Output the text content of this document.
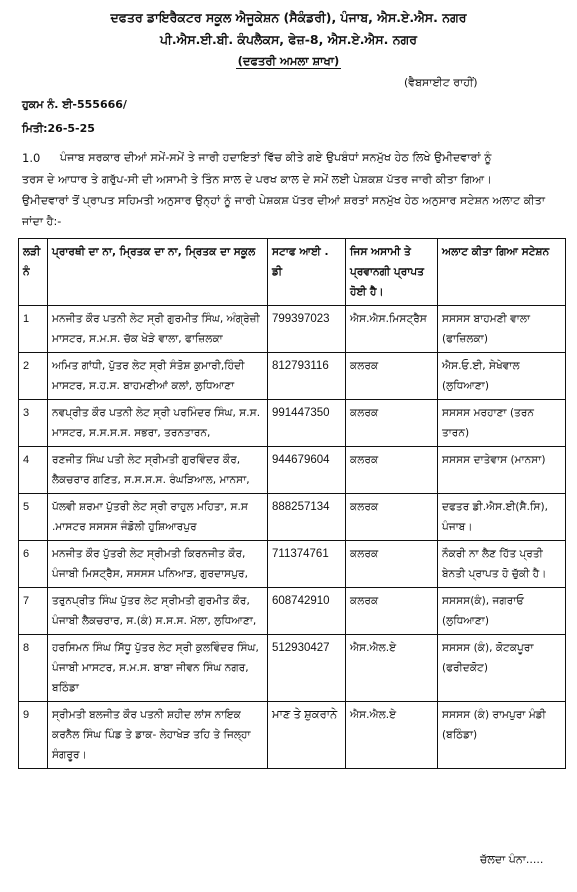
ਦਫਤਰ ਡਾਇਰੈਕਟਰ ਸਕੂਲ ਐਜੂਕੇਸ਼ਨ (ਸੈਕੰਡਰੀ), ਪੰਜਾਬ, ਐਸ.ਏ.ਐਸ. ਨਗਰ
ਪੀ.ਐਸ.ਈ.ਬੀ. ਕੰਪਲੈਕਸ, ਫੇਜ਼-8, ਐਸ.ਏ.ਐਸ. ਨਗਰ
(ਦਫਤਰੀ ਅਮਲਾ ਸ਼ਾਖਾ)
(ਵੈਬਸਾਈਟ ਰਾਹੀਂ)
ਹੁਕਮ ਨੰ. ਈ-555666/
ਮਿਤੀ:26-5-25
1.0 ਪੰਜਾਬ ਸਰਕਾਰ ਦੀਆਂ ਸਮੇਂ-ਸਮੇਂ ਤੇ ਜਾਰੀ ਹਦਾਇਤਾਂ ਵਿੱਚ ਕੀਤੇ ਗਏ ਉਪਬੰਧਾਂ ਸਨਮੁੱਖ ਹੇਠ ਲਿਖੇ ਉਮੀਦਵਾਰਾਂ ਨੂੰ
ਤਰਸ ਦੇ ਆਧਾਰ ਤੇ ਗਰੁੱਪ-ਸੀ ਦੀ ਅਸਾਮੀ ਤੇ ਤਿੰਨ ਸਾਲ ਦੇ ਪਰਖ ਕਾਲ ਦੇ ਸਮੇਂ ਲਈ ਪੇਸ਼ਕਸ਼ ਪੱਤਰ ਜਾਰੀ ਕੀਤਾ ਗਿਆ।
ਉਮੀਦਵਾਰਾਂ ਤੋਂ ਪ੍ਰਾਪਤ ਸਹਿਮਤੀ ਅਨੁਸਾਰ ਉਨ੍ਹਾਂ ਨੂੰ ਜਾਰੀ ਪੇਸ਼ਕਸ਼ ਪੱਤਰ ਦੀਆਂ ਸ਼ਰਤਾਂ ਸਨਮੁੱਖ ਹੇਠ ਅਨੁਸਾਰ ਸਟੇਸ਼ਨ ਅਲਾਟ ਕੀਤਾ
ਜਾਂਦਾ ਹੈ:-
ਲੜੀ ਨੰ	ਪ੍ਰਾਰਥੀ ਦਾ ਨਾ, ਮ੍ਰਿਤਕ ਦਾ ਨਾ, ਮ੍ਰਿਤਕ ਦਾ ਸਕੂਲ	ਸਟਾਫ ਆਈ . ਡੀ	ਜਿਸ ਅਸਾਮੀ ਤੇ ਪ੍ਰਵਾਨਗੀ ਪ੍ਰਾਪਤ ਹੋਈ ਹੈ।	ਅਲਾਟ ਕੀਤਾ ਗਿਆ ਸਟੇਸ਼ਨ
1	ਮਨਜੀਤ ਕੌਰ ਪਤਨੀ ਲੇਟ ਸ੍ਰੀ ਗੁਰਮੀਤ ਸਿੰਘ, ਅੰਗ੍ਰੇਜ਼ੀ ਮਾਸਟਰ, ਸ.ਮ.ਸ. ਚੱਕ ਖੇੜੇ ਵਾਲਾ, ਫਾਜ਼ਿਲਕਾ	799397023	ਐਸ.ਐਸ.ਮਿਸਟ੍ਰੈਸ	ਸਸਸਸ ਬਾਹਮਣੀ ਵਾਲਾ (ਫਾਜ਼ਿਲਕਾ)
2	ਅਮਿਤ ਗਾਂਧੀ, ਪੁੱਤਰ ਲੇਟ ਸ੍ਰੀ ਸੰਤੋਸ਼ ਕੁਮਾਰੀ,ਹਿੰਦੀ ਮਾਸਟਰ, ਸ.ਹ.ਸ. ਬਾਹਮਣੀਆਂ ਕਲਾਂ, ਲੁਧਿਆਣਾ	812793116	ਕਲਰਕ	ਐਸ.ਓ.ਈ, ਸੇਖੇਵਾਲ (ਲੁਧਿਆਣਾ)
3	ਨਵਪ੍ਰੀਤ ਕੌਰ ਪਤਨੀ ਲੇਟ ਸ੍ਰੀ ਪਰਮਿੰਦਰ ਸਿੰਘ, ਸ.ਸ. ਮਾਸਟਰ, ਸ.ਸ.ਸ.ਸ. ਸਭਰਾ, ਤਰਨਤਾਰਨ,	991447350	ਕਲਰਕ	ਸਸਸਸ ਮਰਹਾਣਾ (ਤਰਨ ਤਾਰਨ)
4	ਰਣਜੀਤ ਸਿੰਘ ਪਤੀ ਲੇਟ ਸ੍ਰੀਮਤੀ ਗੁਰਵਿੰਦਰ ਕੌਰ, ਲੈਕਚਰਾਰ ਗਣਿਤ, ਸ.ਸ.ਸ.ਸ. ਰੰਘੜਿਆਲ, ਮਾਨਸਾ,	944679604	ਕਲਰਕ	ਸਸਸਸ ਦਾਤੇਵਾਸ (ਮਾਨਸਾ)
5	ਪੱਲਵੀ ਸ਼ਰਮਾ ਪੁੱਤਰੀ ਲੇਟ ਸ੍ਰੀ ਰਾਹੁਲ ਮਹਿਤਾ, ਸ.ਸ .ਮਾਸਟਰ ਸਸਸਸ ਜੰਡੋਲੀ ਹੁਸ਼ਿਆਰਪੁਰ	888257134	ਕਲਰਕ	ਦਫਤਰ ਡੀ.ਐਸ.ਈ(ਸੈ.ਸਿ), ਪੰਜਾਬ।
6	ਮਨਜੀਤ ਕੌਰ ਪੁੱਤਰੀ ਲੇਟ ਸ੍ਰੀਮਤੀ ਕਿਰਨਜੀਤ ਕੌਰ, ਪੰਜਾਬੀ ਮਿਸਟ੍ਰੈਸ, ਸਸਸਸ ਪਨਿਆੜ, ਗੁਰਦਾਸਪੁਰ,	711374761	ਕਲਰਕ	ਨੌਕਰੀ ਨਾ ਲੈਣ ਹਿੱਤ ਪ੍ਰਤੀ ਬੇਨਤੀ ਪ੍ਰਾਪਤ ਹੋ ਚੁੱਕੀ ਹੈ।
7	ਤਰੁਨਪ੍ਰੀਤ ਸਿੰਘ ਪੁੱਤਰ ਲੇਟ ਸ੍ਰੀਮਤੀ ਗੁਰਮੀਤ ਕੌਰ, ਪੰਜਾਬੀ ਲੈਕਚਰਾਰ, ਸ.(ਕੰ) ਸ.ਸ.ਸ. ਮੱਲਾ, ਲੁਧਿਆਣਾ,	608742910	ਕਲਰਕ	ਸਸਸਸ(ਕੰ), ਜਗਰਾਓ (ਲੁਧਿਆਣਾ)
8	ਹਰਸਿਮਨ ਸਿੰਘ ਸਿੱਧੂ ਪੁੱਤਰ ਲੇਟ ਸ੍ਰੀ ਕੁਲਵਿੰਦਰ ਸਿੰਘ, ਪੰਜਾਬੀ ਮਾਸਟਰ, ਸ.ਮ.ਸ. ਬਾਬਾ ਜੀਵਨ ਸਿੰਘ ਨਗਰ, ਬਠਿੰਡਾ	512930427	ਐਸ.ਐਲ.ਏ	ਸਸਸਸ (ਕੰ), ਕੋਟਕਪੂਰਾ (ਫਰੀਦਕੋਟ)
9	ਸ੍ਰੀਮਤੀ ਬਲਜੀਤ ਕੌਰ ਪਤਨੀ ਸ਼ਹੀਦ ਲਾਂਸ ਨਾਇਕ ਕਰਨੈਲ ਸਿੰਘ ਪਿੰਡ ਤੇ ਡਾਕ- ਲੇਹਾਖੇੜ ਤਹਿ ਤੇ ਜਿਲ੍ਹਾ ਸੰਗਰੂਰ।	ਮਾਣ ਤੇ ਸ਼ੁਕਰਾਨੇ	ਐਸ.ਐਲ.ਏ	ਸਸਸਸ (ਕੰ) ਰਾਮਪੁਰਾ ਮੰਡੀ (ਬਠਿੰਡਾ)
ਚੱਲਦਾ ਪੰਨਾ.....
